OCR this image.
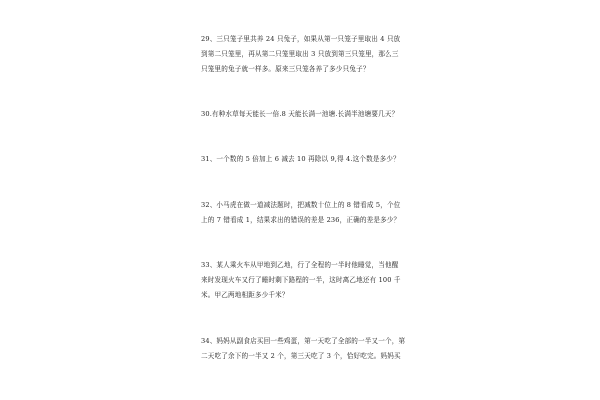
29、三只笼子里共养 24 只兔子，如果从第一只笼子里取出 4 只放
到第二只笼里，再从第二只笼里取出 3 只放到第三只笼里，那么三
只笼里的兔子就一样多。原来三只笼各养了多少只兔子？
30.有种水草每天能长一倍.8 天能长满一池塘.长满半池塘要几天？
31、一个数的 5 倍加上 6 减去 10 再除以 9,得 4.这个数是多少？
32、小马虎在做一道减法题时，把减数十位上的 8 错看成 5，个位
上的 7 错看成 1，结果求出的错误的差是 236，正确的差是多少？
33、某人乘火车从甲地到乙地，行了全程的一半时他睡觉，当他醒
来时发现火车又行了睡时剩下路程的一半，这时离乙地还有 100 千
米。甲乙两地相距多少千米？
34、妈妈从副食店买回一些鸡蛋，第一天吃了全部的一半又一个，第
二天吃了余下的一半又 2 个，第三天吃了 3 个，恰好吃完。妈妈买
